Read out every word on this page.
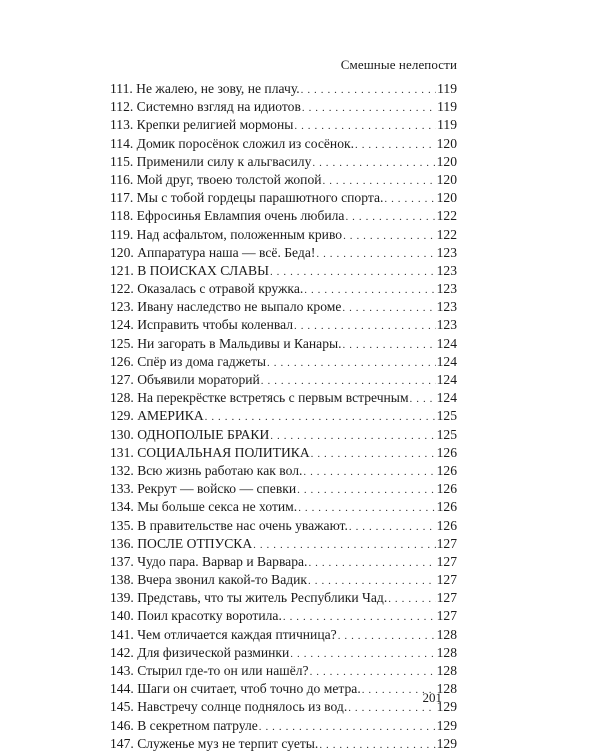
Смешные нелепости
111. Не жалею, не зову, не плачу. . . .	119
112. Системно взгляд на идиотов . . .	119
113. Крепки религией мормоны . . .	119
114. Домик поросёнок сложил из сосёнок. . . .	120
115. Применили силу к альгвасилу . . .	120
116. Мой друг, твоею толстой жопой . . .	120
117. Мы с тобой гордецы парашютного спорта. . . .	120
118. Ефросинья Евлампия очень любила . . .	122
119. Над асфальтом, положенным криво . . .	122
120. Аппаратура наша — всё. Беда! . . .	123
121. В ПОИСКАХ СЛАВЫ . . .	123
122. Оказалась с отравой кружка. . . .	123
123. Ивану наследство не выпало кроме . . .	123
124. Исправить чтобы коленвал . . .	123
125. Ни загорать в Мальдивы и Канары. . . .	124
126. Спёр из дома гаджеты . . .	124
127. Объявили мораторий . . .	124
128. На перекрёстке встретясь с первым встречным . . . 124
129. АМЕРИКА . . .	125
130. ОДНОПОЛЫЕ БРАКИ . . .	125
131. СОЦИАЛЬНАЯ ПОЛИТИКА . . .	126
132. Всю жизнь работаю как вол. . . .	126
133. Рекрут — войско — спевки . . .	126
134. Мы больше секса не хотим. . . .	126
135. В правительстве нас очень уважают. . . .	126
136. ПОСЛЕ ОТПУСКА . . .	127
137. Чудо пара. Варвар и Варвара. . . .	127
138. Вчера звонил какой-то Вадик . . .	127
139. Представь, что ты житель Республики Чад. . . .	127
140. Поил красотку воротила. . . .	127
141. Чем отличается каждая птичница? . . .	128
142. Для физической разминки . . .	128
143. Стырил где-то он или нашёл? . . .	128
144. Шаги он считает, чтоб точно до метра. . . .	128
145. Навстречу солнце поднялось из вод. . . .	129
146. В секретном патруле . . .	129
147. Служенье муз не терпит суеты. . . .	129
201
